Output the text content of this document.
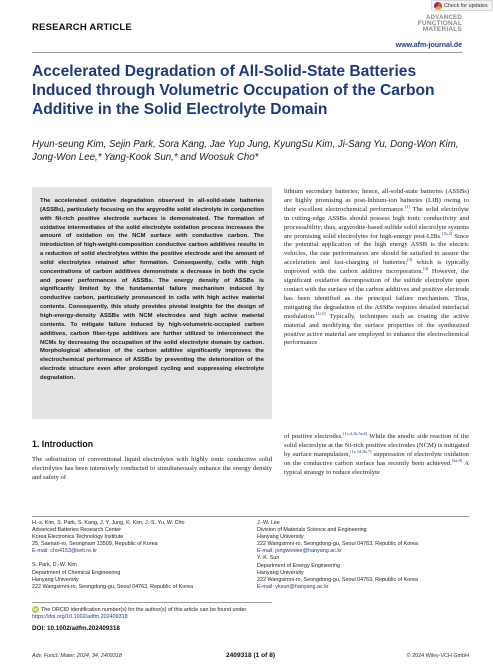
Check for updates
RESEARCH ARTICLE
ADVANCED
FUNCTIONAL
MATERIALS
www.afm-journal.de
Accelerated Degradation of All-Solid-State Batteries Induced through Volumetric Occupation of the Carbon Additive in the Solid Electrolyte Domain
Hyun-seung Kim, Sejin Park, Sora Kang, Jae Yup Jung, KyungSu Kim, Ji-Sang Yu, Dong-Won Kim, Jong-Won Lee,* Yang-Kook Sun,* and Woosuk Cho*

The accelerated oxidative degradation observed in all-solid-state batteries (ASSBs), particularly focusing on the argyrodite solid electrolyte in conjunction with Ni-rich positive electrode surfaces is demonstrated. The formation of oxidative intermediates of the solid electrolyte oxidation process increases the amount of oxidation on the NCM surface with conductive carbon. The introduction of high-weight-composition conductive carbon additives results in a reduction of solid electrolytes within the positive electrode and the amount of solid electrolytes retained after formation. Consequently, cells with high concentrations of carbon additives demonstrate a decrease in both the cycle and power performances of ASSBs. The energy density of ASSBs is significantly limited by the fundamental failure mechanism induced by conductive carbon, particularly pronounced in cells with high active material contents. Consequently, this study provides pivotal insights for the design of high-energy-density ASSBs with NCM electrodes and high active material contents. To mitigate failure induced by high-volumetric-occupied carbon additives, carbon fiber-type additives are further utilized to interconnect the NCMs by decreasing the occupation of the solid electrolyte domain by carbon. Morphological alteration of the carbon additive significantly improves the electrochemical performance of ASSBs by preventing the deterioration of the electrode structure even after prolonged cycling and suppressing electrolyte degradation.

lithium secondary batteries; hence, all-solid-state batteries (ASSBs) are highly promising as post-lithium-ion batteries (LIB) owing to their excellent electrochemical performance.[1] The solid electrolyte in cutting-edge ASSBs should possess high ionic conductivity and processability; thus, argyrodite-based sulfide solid electrolyte systems are promising solid electrolytes for high-energy post-LIBs.[1b,2] Since the potential application of the high energy ASSB is the electric vehicles, the rate performances are should be satisfied to assure the acceleration and fast-charging of batteries;[3] which is typically improved with the carbon additive incorporation.[4] However, the significant oxidative decomposition of the sulfide electrolyte upon contact with the surface of the carbon additives and positive electrode has been identified as the principal failure mechanism. Thus, mitigating the degradation of the ASSBs requires detailed interfacial modulation.[1f,5] Typically, techniques such as coating the active material and modifying the surface properties of the synthesized positive active material are employed to enhance the electrochemical performance

1. Introduction

The substitution of conventional liquid electrolytes with highly ionic conductive solid electrolytes has been intensively conducted to simultaneously enhance the energy density and safety of

of positive electrodes.[1c,d,1h,5a,6] While the anodic side reaction of the solid electrolyte at the Ni-rich positive electrodes (NCM) is mitigated by surface manipulation,[1e,1d,6b,7] suppression of electrolyte oxidation on the conductive carbon surface has recently been achieved.[4a,8] A typical strategy to reduce electrolyte

H.-s. Kim, S. Park, S. Kang, J. Y. Jung, K. Kim, J.-S. Yu, W. Cho
Advanced Batteries Research Center
Korea Electronics Technology Institute
25, Saenari-ro, Seongnam 13509, Republic of Korea
E-mail: cho4153@keti.re.kr
S. Park, D.-W. Kim
Department of Chemical Engineering
Hanyang University
222 Wangsimni-ro, Seongdong-gu, Seoul 04763, Republic of Korea
J.-W. Lee
Division of Materials Science and Engineering
Hanyang University
222 Wangsimni-ro, Seongdong-gu, Seoul 04763, Republic of Korea
E-mail: jongwonlee@hanyang.ac.kr
Y.-K. Sun
Department of Energy Engineering
Hanyang University
222 Wangsimni-ro, Seongdong-gu, Seoul 04763, Republic of Korea
E-mail: yksun@hanyang.ac.kr
iD The ORCID identification number(s) for the author(s) of this article can be found under https://doi.org/10.1002/adfm.202409318
DOI: 10.1002/adfm.202409318
Adv. Funct. Mater. 2024, 34, 2409318	2409318 (1 of 8)	© 2024 Wiley-VCH GmbH
